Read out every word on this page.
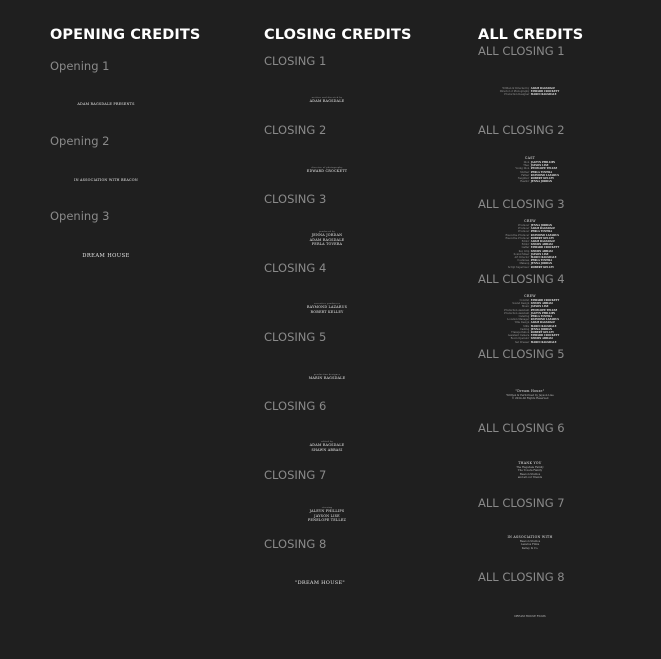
OPENING CREDITS	CLOSING CREDITS	ALL CREDITS
Opening 1
ADAM RAGSDALE PRESENTS
Opening 2
IN ASSOCIATION WITH BEACON
Opening 3
DREAM HOUSE
CLOSING 1
written and directed by
ADAM RAGSDALE
CLOSING 2
director of photography
EDWARD CROCKETT
CLOSING 3
produced by
JENNA JORDAN
ADAM RAGSDALE
PERLA TOVERA
CLOSING 4
executive producers
RAYMOND LAZARUS
ROBERT KELLEY
CLOSING 5
production designer
MARIN RAGSDALE
CLOSING 6
edited by
ADAM RAGSDALE
SHAWN ABBASI
CLOSING 7
starring
JALEYN PHILLIPS
JAYSON LISE
PENELOPE TELLEZ
CLOSING 8
"DREAM HOUSE"
ALL CLOSING 1
Written & Directed by ADAM RAGSDALE
Director of Photography EDWARD CROCKETT
Production Designer MARIN RAGSDALE
ALL CLOSING 2
CAST
Dion JALEYN PHILLIPS
Theo JAYSON LISE
Young Dion PENELOPE TELLEZ
Mother PERLA TOVERA
Father RAYMOND LAZARUS
Neighbor ROBERT KELLEY
Realtor JENNA JORDAN
ALL CLOSING 3
CREW
Producer JENNA JORDAN
Producer ADAM RAGSDALE
Producer PERLA TOVERA
Executive Producer RAYMOND LAZARUS
Executive Producer ROBERT KELLEY
Editor ADAM RAGSDALE
Editor SHAWN ABBASI
Gaffer EDWARD CROCKETT
Key Grip SHAWN ABBASI
Sound Mixer JAYSON LISE
Art Director MARIN RAGSDALE
Costumes PERLA TOVERA
Makeup JENNA JORDAN
Script Supervisor ROBERT KELLEY
ALL CLOSING 4
CREW
Colorist EDWARD CROCKETT
Sound Design SHAWN ABBASI
Music JAYSON LISE
Production Assistant PENELOPE TELLEZ
Production Assistant JALEYN PHILLIPS
Catering PERLA TOVERA
Location Manager RAYMOND LAZARUS
Title Design ADAM RAGSDALE
Stills MARIN RAGSDALE
Casting JENNA JORDAN
Transportation ROBERT KELLEY
Assistant Camera EDWARD CROCKETT
Boom Operator SHAWN ABBASI
Set Dresser MARIN RAGSDALE
ALL CLOSING 5
"Dream House"
Written & Performed by Jayson Lise
© 2024 All Rights Reserved
ALL CLOSING 6
THANK YOU
The Ragsdale Family
The Tovera Family
Beacon Studios
and all our friends
ALL CLOSING 7
IN ASSOCIATION WITH
Beacon Studios
Lazarus Films
Kelley & Co.
ALL CLOSING 8
DREAM HOUSE FILMS
